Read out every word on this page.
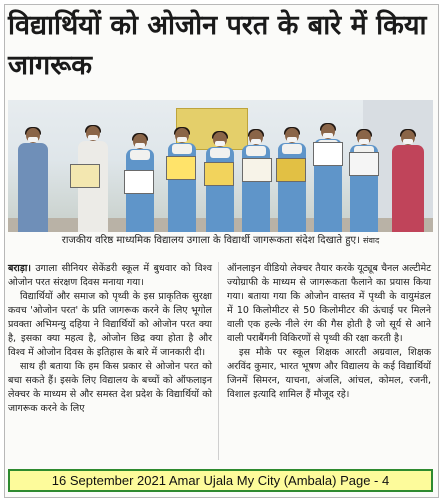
विद्यार्थियों को ओजोन परत के बारे में किया जागरूक

राजकीय वरिष्ठ माध्यमिक विद्यालय उगाला के विद्यार्थी जागरूकता संदेश दिखाते हुए। संवाद

बराड़ा। उगाला सीनियर सेकेंडरी स्कूल में बुधवार को विश्व ओजोन परत संरक्षण दिवस मनाया गया।

विद्यार्थियों और समाज को पृथ्वी के इस प्राकृतिक सुरक्षा कवच 'ओजोन परत' के प्रति जागरूक करने के लिए भूगोल प्रवक्ता अभिमन्यु दहिया ने विद्यार्थियों को ओजोन परत क्या है, इसका क्या महत्व है, ओजोन छिद्र क्या होता है और विश्व में ओजोन दिवस के इतिहास के बारे में जानकारी दी।

साथ ही बताया कि हम किस प्रकार से ओजोन परत को बचा सकते हैं। इसके लिए विद्यालय के बच्चों को ऑफलाइन लेक्चर के माध्यम से और समस्त देश प्रदेश के विद्यार्थियों को जागरूक करने के लिए

ऑनलाइन वीडियो लेक्चर तैयार करके यूट्यूब चैनल अल्टीमेट ज्योग्राफी के माध्यम से जागरूकता फैलाने का प्रयास किया गया। बताया गया कि ओजोन वास्तव में पृथ्वी के वायुमंडल में 10 किलोमीटर से 50 किलोमीटर की ऊंचाई पर मिलने वाली एक हल्के नीले रंग की गैस होती है जो सूर्य से आने वाली पराबैंगनी विकिरणों से पृथ्वी की रक्षा करती है।

इस मौके पर स्कूल शिक्षक आरती अग्रवाल, शिक्षक अरविंद कुमार, भारत भूषण और विद्यालय के कई विद्यार्थियों जिनमें सिमरन, याचना, अंजलि, आंचल, कोमल, रजनी, विशाल इत्यादि शामिल हैं मौजूद रहे।

16 September 2021 Amar Ujala My City (Ambala) Page - 4
